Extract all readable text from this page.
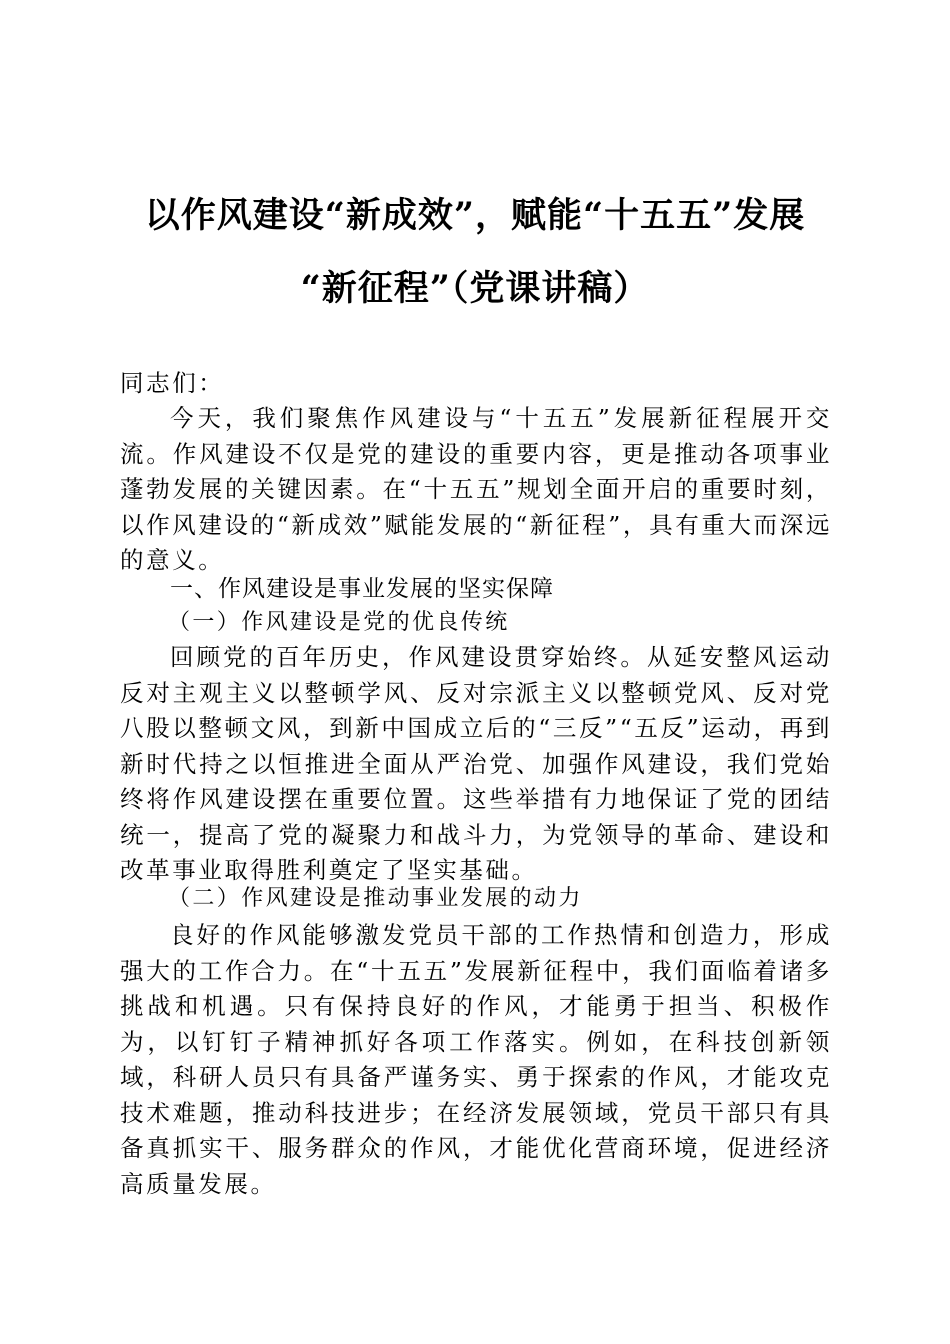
以作风建设“新成效”，赋能“十五五”发展
“新征程”（党课讲稿）
同志们：
今天，我们聚焦作风建设与“十五五”发展新征程展开交流。作风建设不仅是党的建设的重要内容，更是推动各项事业蓬勃发展的关键因素。在“十五五”规划全面开启的重要时刻，以作风建设的“新成效”赋能发展的“新征程”，具有重大而深远的意义。
一、作风建设是事业发展的坚实保障
（一）作风建设是党的优良传统
回顾党的百年历史，作风建设贯穿始终。从延安整风运动反对主观主义以整顿学风、反对宗派主义以整顿党风、反对党八股以整顿文风，到新中国成立后的“三反”“五反”运动，再到新时代持之以恒推进全面从严治党、加强作风建设，我们党始终将作风建设摆在重要位置。这些举措有力地保证了党的团结统一，提高了党的凝聚力和战斗力，为党领导的革命、建设和改革事业取得胜利奠定了坚实基础。
（二）作风建设是推动事业发展的动力
良好的作风能够激发党员干部的工作热情和创造力，形成强大的工作合力。在“十五五”发展新征程中，我们面临着诸多挑战和机遇。只有保持良好的作风，才能勇于担当、积极作为，以钉钉子精神抓好各项工作落实。例如，在科技创新领域，科研人员只有具备严谨务实、勇于探索的作风，才能攻克技术难题，推动科技进步；在经济发展领域，党员干部只有具备真抓实干、服务群众的作风，才能优化营商环境，促进经济高质量发展。
